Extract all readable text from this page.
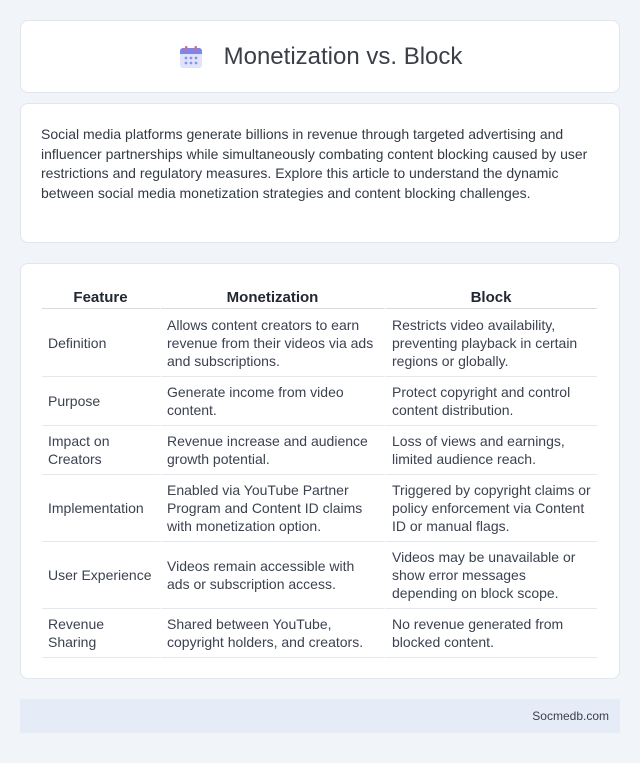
Monetization vs. Block

Social media platforms generate billions in revenue through targeted advertising and influencer partnerships while simultaneously combating content blocking caused by user restrictions and regulatory measures. Explore this article to understand the dynamic between social media monetization strategies and content blocking challenges.

Feature	Monetization	Block
Definition	Allows content creators to earn revenue from their videos via ads and subscriptions.	Restricts video availability, preventing playback in certain regions or globally.
Purpose	Generate income from video content.	Protect copyright and control content distribution.
Impact on Creators	Revenue increase and audience growth potential.	Loss of views and earnings, limited audience reach.
Implementation	Enabled via YouTube Partner Program and Content ID claims with monetization option.	Triggered by copyright claims or policy enforcement via Content ID or manual flags.
User Experience	Videos remain accessible with ads or subscription access.	Videos may be unavailable or show error messages depending on block scope.
Revenue Sharing	Shared between YouTube, copyright holders, and creators.	No revenue generated from blocked content.
Socmedb.com
